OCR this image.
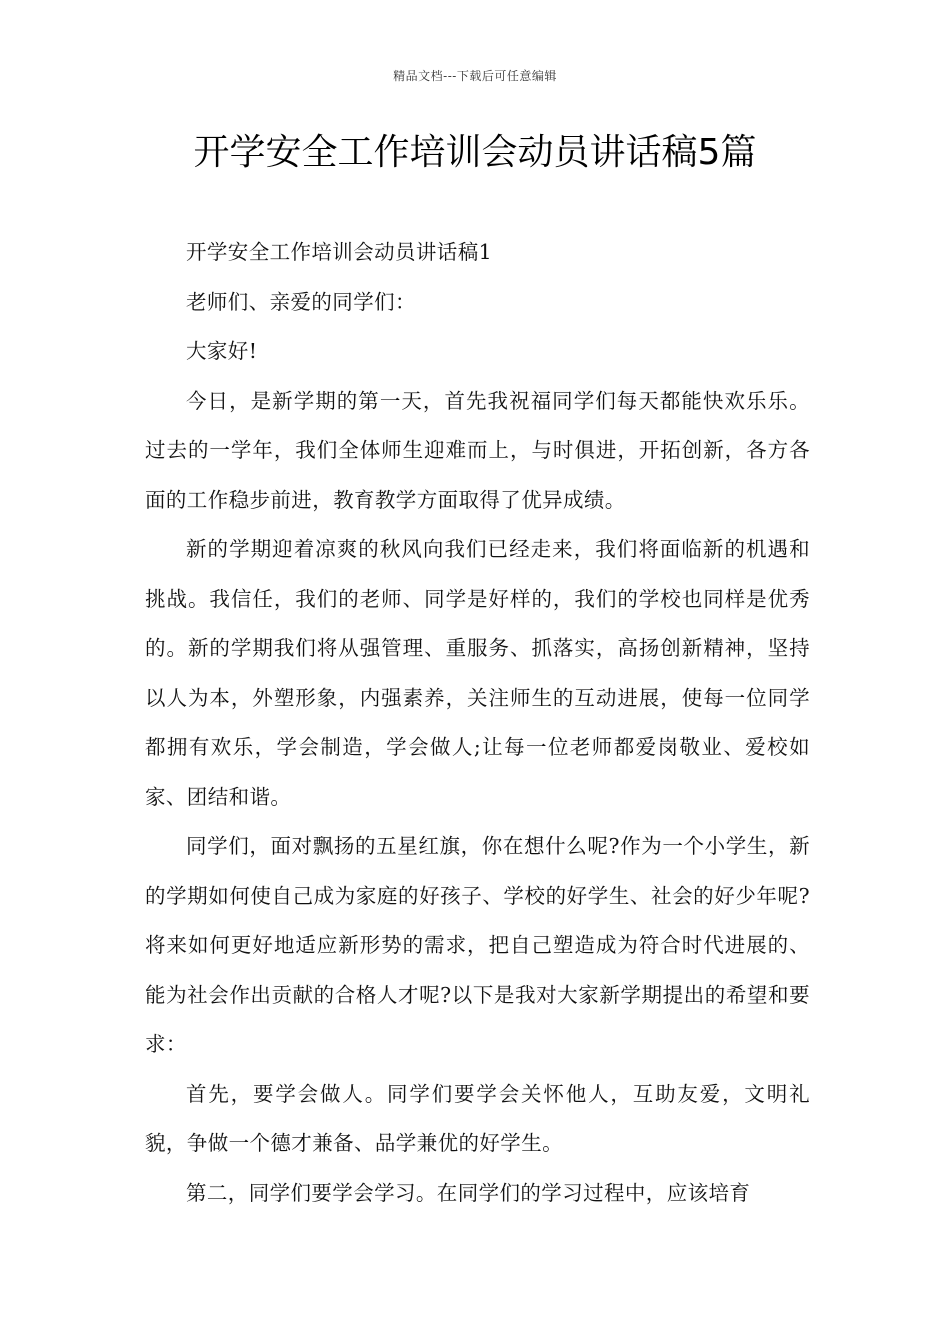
精品文档---下载后可任意编辑
开学安全工作培训会动员讲话稿5篇

开学安全工作培训会动员讲话稿1

老师们、亲爱的同学们：

大家好!

今日，是新学期的第一天，首先我祝福同学们每天都能快欢乐乐。过去的一学年，我们全体师生迎难而上，与时俱进，开拓创新，各方各面的工作稳步前进，教育教学方面取得了优异成绩。

新的学期迎着凉爽的秋风向我们已经走来，我们将面临新的机遇和挑战。我信任，我们的老师、同学是好样的，我们的学校也同样是优秀的。新的学期我们将从强管理、重服务、抓落实，高扬创新精神，坚持以人为本，外塑形象，内强素养，关注师生的互动进展，使每一位同学都拥有欢乐，学会制造，学会做人;让每一位老师都爱岗敬业、爱校如家、团结和谐。

同学们，面对飘扬的五星红旗，你在想什么呢?作为一个小学生，新的学期如何使自己成为家庭的好孩子、学校的好学生、社会的好少年呢?将来如何更好地适应新形势的需求，把自己塑造成为符合时代进展的、能为社会作出贡献的合格人才呢?以下是我对大家新学期提出的希望和要求：

首先，要学会做人。同学们要学会关怀他人，互助友爱，文明礼貌，争做一个德才兼备、品学兼优的好学生。

第二，同学们要学会学习。在同学们的学习过程中，应该培育
